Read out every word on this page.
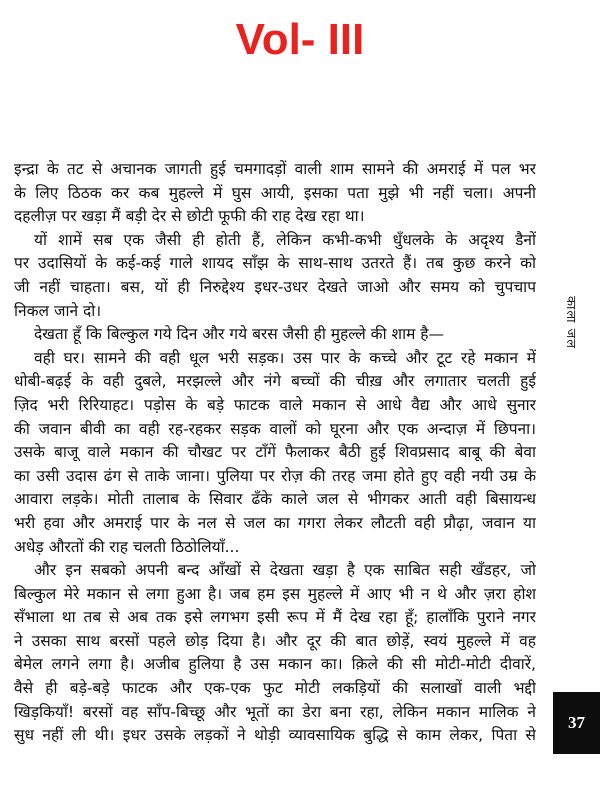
Vol- III
इन्द्रा के तट से अचानक जागती हुई चमगादड़ों वाली शाम सामने की अमराई में पल भर
के लिए ठिठक कर कब मुहल्ले में घुस आयी, इसका पता मुझे भी नहीं चला। अपनी
दहलीज़ पर खड़ा मैं बड़ी देर से छोटी फूफी की राह देख रहा था।
यों शामें सब एक जैसी ही होती हैं, लेकिन कभी-कभी धुँधलके के अदृश्य डैनों
पर उदासियों के कई-कई गाले शायद साँझ के साथ-साथ उतरते हैं। तब कुछ करने को
जी नहीं चाहता। बस, यों ही निरुद्देश्य इधर-उधर देखते जाओ और समय को चुपचाप
निकल जाने दो।
देखता हूँ कि बिल्कुल गये दिन और गये बरस जैसी ही मुहल्ले की शाम है—
वही घर। सामने की वही धूल भरी सड़क। उस पार के कच्चे और टूट रहे मकान में
धोबी-बढ़ई के वही दुबले, मरझल्ले और नंगे बच्चों की चीख़ और लगातार चलती हुई
ज़िद भरी रिरियाहट। पड़ोस के बड़े फाटक वाले मकान से आधे वैद्य और आधे सुनार
की जवान बीवी का वही रह-रहकर सड़क वालों को घूरना और एक अन्दाज़ में छिपना।
उसके बाजू वाले मकान की चौखट पर टाँगें फैलाकर बैठी हुई शिवप्रसाद बाबू की बेवा
का उसी उदास ढंग से ताके जाना। पुलिया पर रोज़ की तरह जमा होते हुए वही नयी उम्र के
आवारा लड़के। मोती तालाब के सिवार ढँके काले जल से भीगकर आती वही बिसायन्ध
भरी हवा और अमराई पार के नल से जल का गगरा लेकर लौटती वही प्रौढ़ा, जवान या
अधेड़ औरतों की राह चलती ठिठोलियाँ...
और इन सबको अपनी बन्द आँखों से देखता खड़ा है एक साबित सही खँडहर, जो
बिल्कुल मेरे मकान से लगा हुआ है। जब हम इस मुहल्ले में आए भी न थे और ज़रा होश
सँभाला था तब से अब तक इसे लगभग इसी रूप में मैं देख रहा हूँ; हालाँकि पुराने नगर
ने उसका साथ बरसों पहले छोड़ दिया है। और दूर की बात छोड़ें, स्वयं मुहल्ले में वह
बेमेल लगने लगा है। अजीब हुलिया है उस मकान का। क़िले की सी मोटी-मोटी दीवारें,
वैसे ही बड़े-बड़े फाटक और एक-एक फुट मोटी लकड़ियों की सलाखों वाली भद्दी
खिड़कियाँ! बरसों वह साँप-बिच्छू और भूतों का डेरा बना रहा, लेकिन मकान मालिक ने
सुध नहीं ली थी। इधर उसके लड़कों ने थोड़ी व्यावसायिक बुद्धि से काम लेकर, पिता से
काला जल
37
